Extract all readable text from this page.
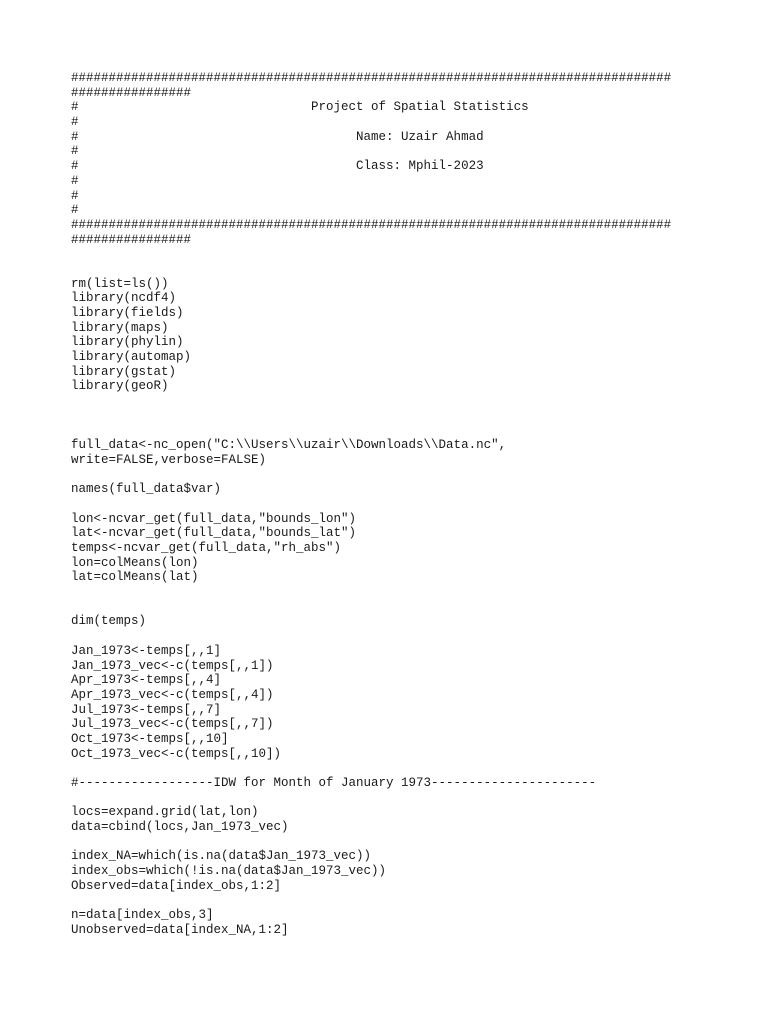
################################################################################
################
#                               Project of Spatial Statistics
#
#                                     Name: Uzair Ahmad
#
#                                     Class: Mphil-2023
#
#
#
################################################################################
################
rm(list=ls())
library(ncdf4)
library(fields)
library(maps)
library(phylin)
library(automap)
library(gstat)
library(geoR)
full_data<-nc_open("C:\\Users\\uzair\\Downloads\\Data.nc",
write=FALSE,verbose=FALSE)
names(full_data$var)
lon<-ncvar_get(full_data,"bounds_lon")
lat<-ncvar_get(full_data,"bounds_lat")
temps<-ncvar_get(full_data,"rh_abs")
lon=colMeans(lon)
lat=colMeans(lat)
dim(temps)
Jan_1973<-temps[,,1]
Jan_1973_vec<-c(temps[,,1])
Apr_1973<-temps[,,4]
Apr_1973_vec<-c(temps[,,4])
Jul_1973<-temps[,,7]
Jul_1973_vec<-c(temps[,,7])
Oct_1973<-temps[,,10]
Oct_1973_vec<-c(temps[,,10])
#------------------IDW for Month of January 1973----------------------
locs=expand.grid(lat,lon)
data=cbind(locs,Jan_1973_vec)
index_NA=which(is.na(data$Jan_1973_vec))
index_obs=which(!is.na(data$Jan_1973_vec))
Observed=data[index_obs,1:2]
n=data[index_obs,3]
Unobserved=data[index_NA,1:2]
